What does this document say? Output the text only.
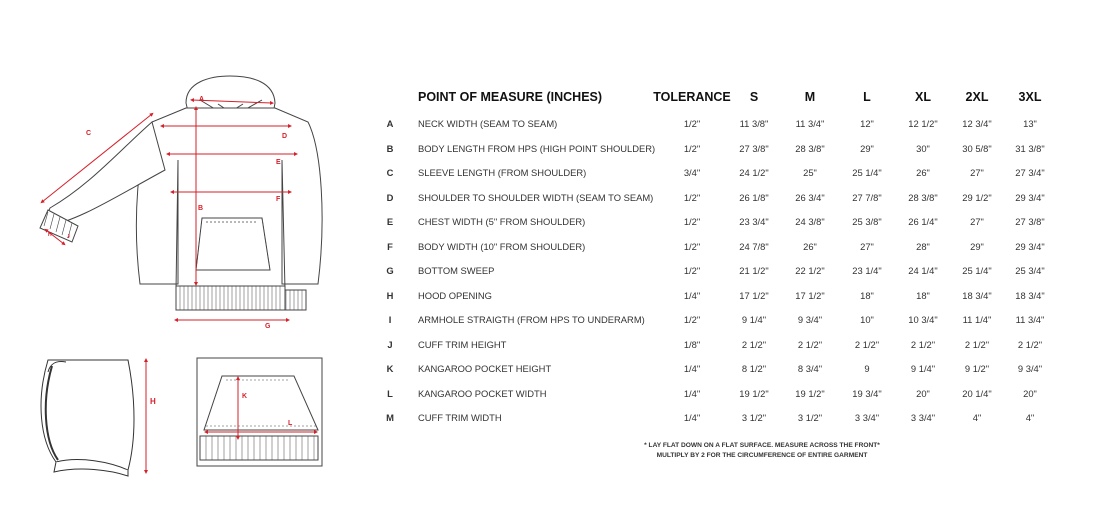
A
B
C	D
E
F
G
J
H
H
K
L
POINT OF MEASURE (INCHES)	TOLERANCE	S	M	L	XL	2XL	3XL
A	NECK WIDTH (SEAM TO SEAM)	1/2"	11 3/8"	11 3/4"	12"	12 1/2"	12 3/4"	13"
B	BODY LENGTH FROM HPS (HIGH POINT SHOULDER)	1/2"	27 3/8"	28 3/8"	29"	30"	30 5/8"	31 3/8"
C	SLEEVE LENGTH (FROM SHOULDER)	3/4"	24 1/2"	25"	25 1/4"	26"	27"	27 3/4"
D	SHOULDER TO SHOULDER WIDTH (SEAM TO SEAM)	1/2"	26 1/8"	26 3/4"	27 7/8"	28 3/8"	29 1/2"	29 3/4"
E	CHEST WIDTH (5" FROM SHOULDER)	1/2"	23 3/4"	24 3/8"	25 3/8"	26 1/4"	27"	27 3/8"
F	BODY WIDTH (10" FROM SHOULDER)	1/2"	24 7/8"	26"	27"	28"	29"	29 3/4"
G	BOTTOM SWEEP	1/2"	21 1/2"	22 1/2"	23 1/4"	24 1/4"	25 1/4"	25 3/4"
H	HOOD OPENING	1/4"	17 1/2"	17 1/2"	18"	18"	18 3/4"	18 3/4"
I	ARMHOLE STRAIGTH (FROM HPS TO UNDERARM)	1/2"	9 1/4"	9 3/4"	10"	10 3/4"	11 1/4"	11 3/4"
J	CUFF TRIM HEIGHT	1/8"	2 1/2"	2 1/2"	2 1/2"	2 1/2"	2 1/2"	2 1/2"
K	KANGAROO POCKET HEIGHT	1/4"	8 1/2"	8 3/4"	9	9 1/4"	9 1/2"	9 3/4"
L	KANGAROO POCKET WIDTH	1/4"	19 1/2"	19 1/2"	19 3/4"	20"	20 1/4"	20"
M	CUFF TRIM WIDTH	1/4"	3 1/2"	3 1/2"	3 3/4"	3 3/4"	4"	4"
* LAY FLAT DOWN ON A FLAT SURFACE. MEASURE ACROSS THE FRONT*
MULTIPLY BY 2 FOR THE CIRCUMFERENCE OF ENTIRE GARMENT
